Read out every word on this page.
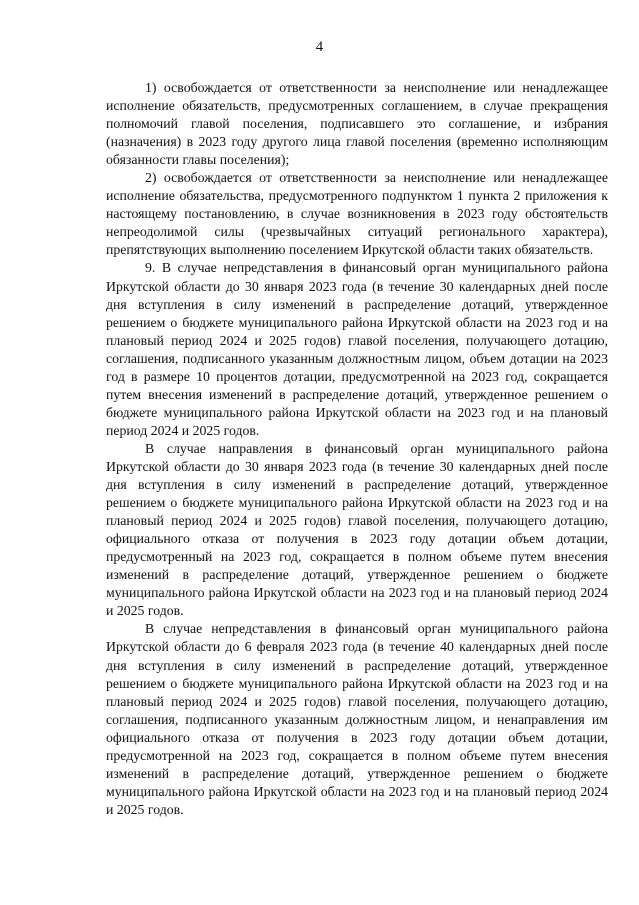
4

1) освобождается от ответственности за неисполнение или ненадлежащее исполнение обязательств, предусмотренных соглашением, в случае прекращения полномочий главой поселения, подписавшего это соглашение, и избрания (назначения) в 2023 году другого лица главой поселения (временно исполняющим обязанности главы поселения);

2) освобождается от ответственности за неисполнение или ненадлежащее исполнение обязательства, предусмотренного подпунктом 1 пункта 2 приложения к настоящему постановлению, в случае возникновения в 2023 году обстоятельств непреодолимой силы (чрезвычайных ситуаций регионального характера), препятствующих выполнению поселением Иркутской области таких обязательств.

9. В случае непредставления в финансовый орган муниципального района Иркутской области до 30 января 2023 года (в течение 30 календарных дней после дня вступления в силу изменений в распределение дотаций, утвержденное решением о бюджете муниципального района Иркутской области на 2023 год и на плановый период 2024 и 2025 годов) главой поселения, получающего дотацию, соглашения, подписанного указанным должностным лицом, объем дотации на 2023 год в размере 10 процентов дотации, предусмотренной на 2023 год, сокращается путем внесения изменений в распределение дотаций, утвержденное решением о бюджете муниципального района Иркутской области на 2023 год и на плановый период 2024 и 2025 годов.

В случае направления в финансовый орган муниципального района Иркутской области до 30 января 2023 года (в течение 30 календарных дней после дня вступления в силу изменений в распределение дотаций, утвержденное решением о бюджете муниципального района Иркутской области на 2023 год и на плановый период 2024 и 2025 годов) главой поселения, получающего дотацию, официального отказа от получения в 2023 году дотации объем дотации, предусмотренный на 2023 год, сокращается в полном объеме путем внесения изменений в распределение дотаций, утвержденное решением о бюджете муниципального района Иркутской области на 2023 год и на плановый период 2024 и 2025 годов.

В случае непредставления в финансовый орган муниципального района Иркутской области до 6 февраля 2023 года (в течение 40 календарных дней после дня вступления в силу изменений в распределение дотаций, утвержденное решением о бюджете муниципального района Иркутской области на 2023 год и на плановый период 2024 и 2025 годов) главой поселения, получающего дотацию, соглашения, подписанного указанным должностным лицом, и ненаправления им официального отказа от получения в 2023 году дотации объем дотации, предусмотренной на 2023 год, сокращается в полном объеме путем внесения изменений в распределение дотаций, утвержденное решением о бюджете муниципального района Иркутской области на 2023 год и на плановый период 2024 и 2025 годов.
